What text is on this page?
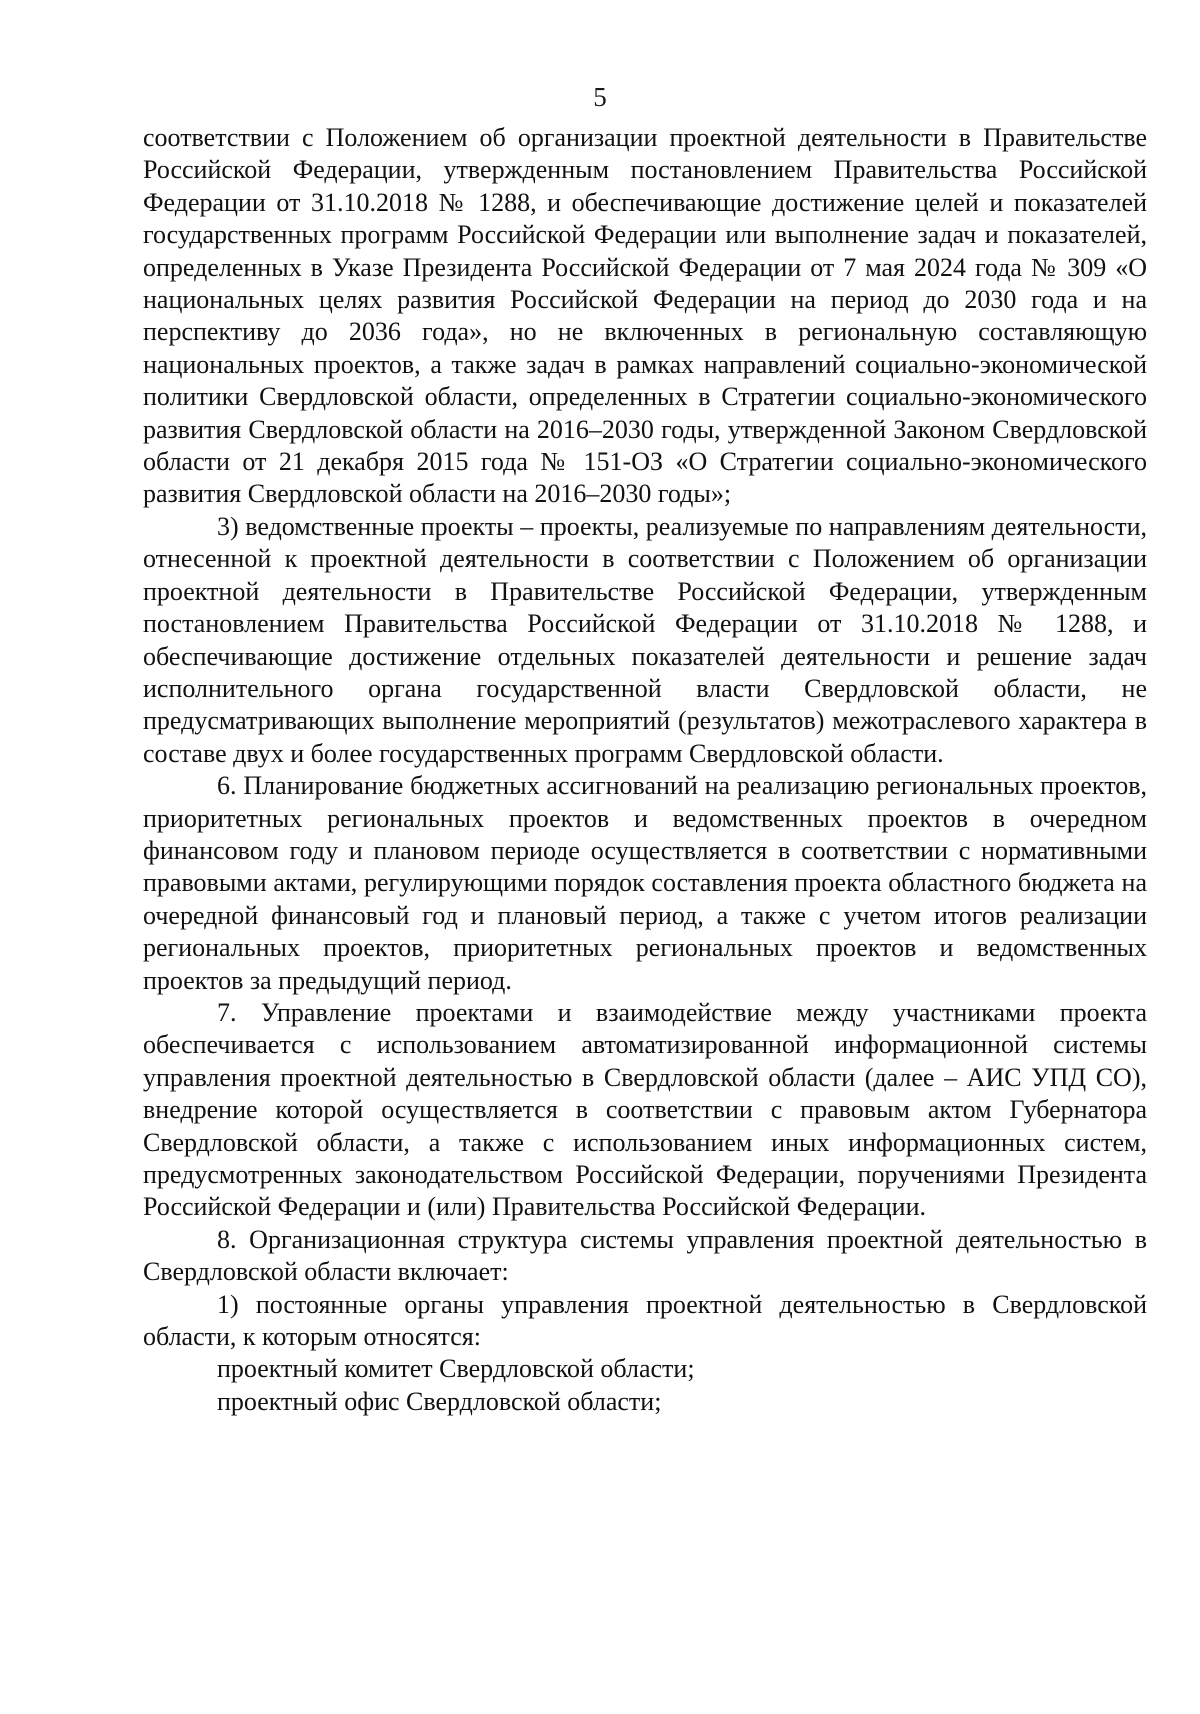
5

соответствии с Положением об организации проектной деятельности в Правительстве Российской Федерации, утвержденным постановлением Правительства Российской Федерации от 31.10.2018 № 1288, и обеспечивающие достижение целей и показателей государственных программ Российской Федерации или выполнение задач и показателей, определенных в Указе Президента Российской Федерации от 7 мая 2024 года № 309 «О национальных целях развития Российской Федерации на период до 2030 года и на перспективу до 2036 года», но не включенных в региональную составляющую национальных проектов, а также задач в рамках направлений социально-экономической политики Свердловской области, определенных в Стратегии социально-экономического развития Свердловской области на 2016–2030 годы, утвержденной Законом Свердловской области от 21 декабря 2015 года № 151-ОЗ «О Стратегии социально-экономического развития Свердловской области на 2016–2030 годы»;

3) ведомственные проекты – проекты, реализуемые по направлениям деятельности, отнесенной к проектной деятельности в соответствии с Положением об организации проектной деятельности в Правительстве Российской Федерации, утвержденным постановлением Правительства Российской Федерации от 31.10.2018 № 1288, и обеспечивающие достижение отдельных показателей деятельности и решение задач исполнительного органа государственной власти Свердловской области, не предусматривающих выполнение мероприятий (результатов) межотраслевого характера в составе двух и более государственных программ Свердловской области.

6. Планирование бюджетных ассигнований на реализацию региональных проектов, приоритетных региональных проектов и ведомственных проектов в очередном финансовом году и плановом периоде осуществляется в соответствии с нормативными правовыми актами, регулирующими порядок составления проекта областного бюджета на очередной финансовый год и плановый период, а также с учетом итогов реализации региональных проектов, приоритетных региональных проектов и ведомственных проектов за предыдущий период.

7. Управление проектами и взаимодействие между участниками проекта обеспечивается с использованием автоматизированной информационной системы управления проектной деятельностью в Свердловской области (далее – АИС УПД СО), внедрение которой осуществляется в соответствии с правовым актом Губернатора Свердловской области, а также с использованием иных информационных систем, предусмотренных законодательством Российской Федерации, поручениями Президента Российской Федерации и (или) Правительства Российской Федерации.

8. Организационная структура системы управления проектной деятельностью в Свердловской области включает:

1) постоянные органы управления проектной деятельностью в Свердловской области, к которым относятся:

проектный комитет Свердловской области;

проектный офис Свердловской области;
